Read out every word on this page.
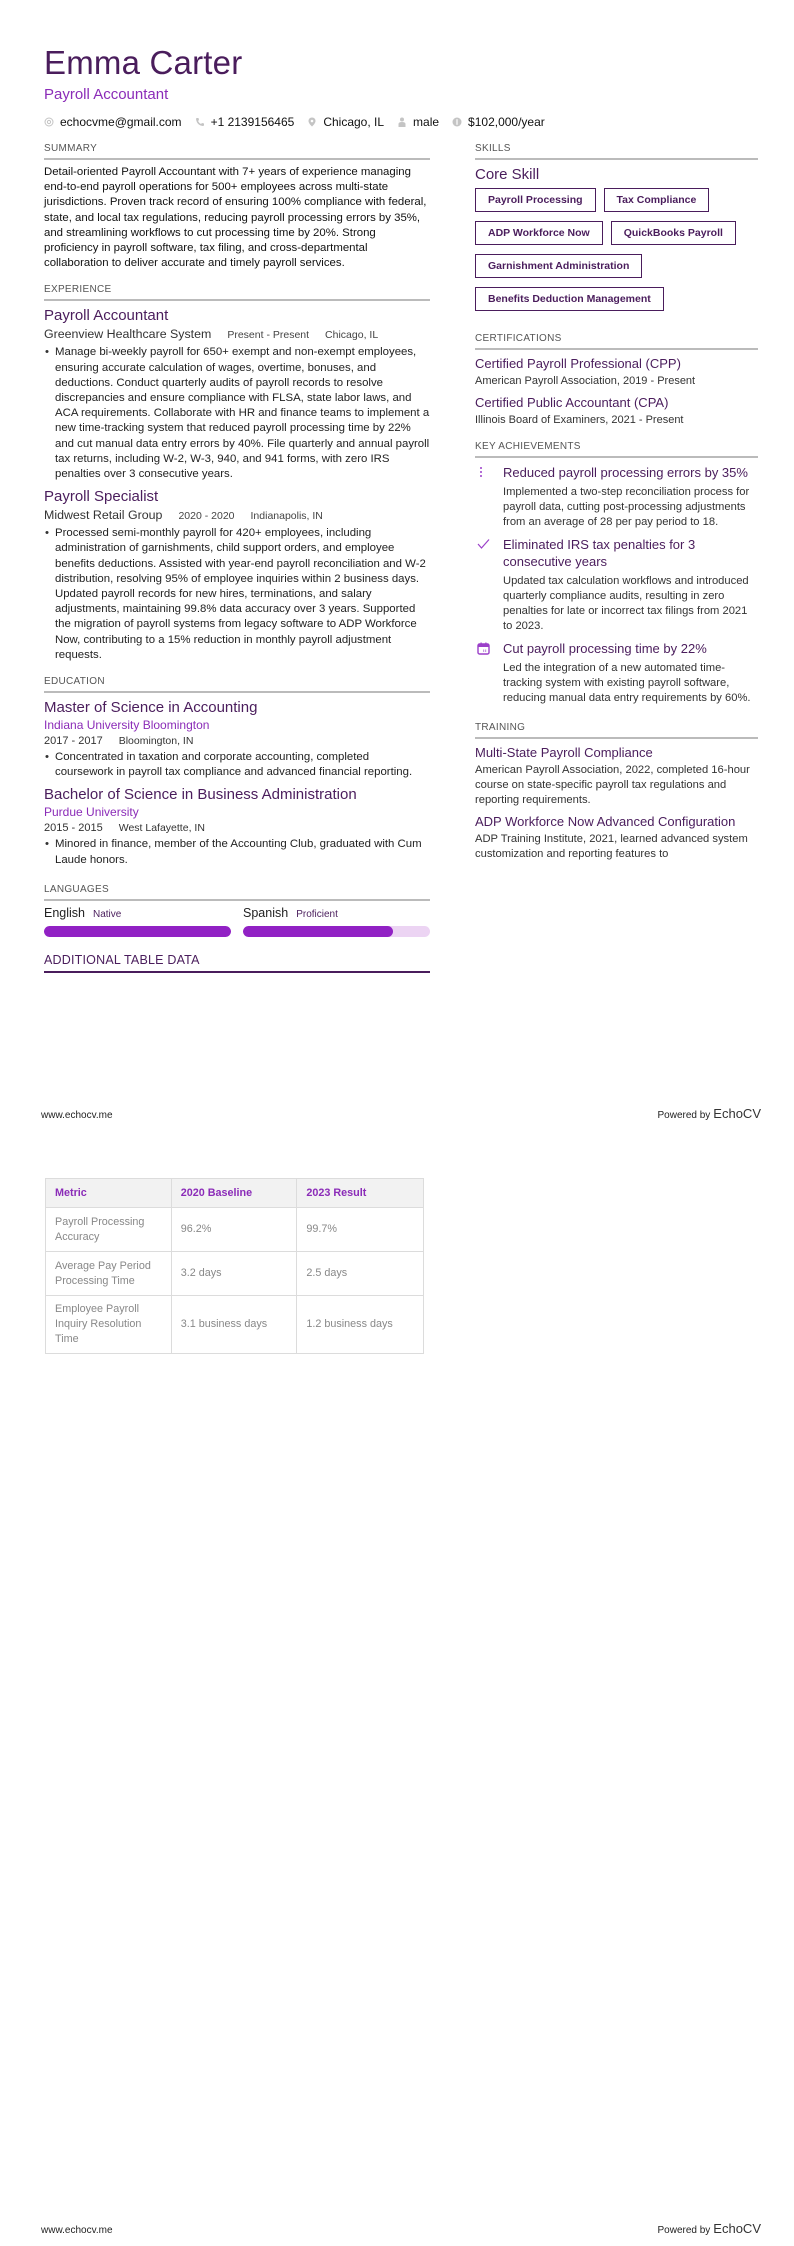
Emma Carter
Payroll Accountant
echocvme@gmail.com +1 2139156465 Chicago, IL male $102,000/year
SUMMARY
Detail-oriented Payroll Accountant with 7+ years of experience managing end-to-end payroll operations for 500+ employees across multi-state jurisdictions. Proven track record of ensuring 100% compliance with federal, state, and local tax regulations, reducing payroll processing errors by 35%, and streamlining workflows to cut processing time by 20%. Strong proficiency in payroll software, tax filing, and cross-departmental collaboration to deliver accurate and timely payroll services.
EXPERIENCE
Payroll Accountant
Greenview Healthcare System Present - Present Chicago, IL
• Manage bi-weekly payroll for 650+ exempt and non-exempt employees, ensuring accurate calculation of wages, overtime, bonuses, and deductions. Conduct quarterly audits of payroll records to resolve discrepancies and ensure compliance with FLSA, state labor laws, and ACA requirements. Collaborate with HR and finance teams to implement a new time-tracking system that reduced payroll processing time by 22% and cut manual data entry errors by 40%. File quarterly and annual payroll tax returns, including W-2, W-3, 940, and 941 forms, with zero IRS penalties over 3 consecutive years.
Payroll Specialist
Midwest Retail Group 2020 - 2020 Indianapolis, IN
• Processed semi-monthly payroll for 420+ employees, including administration of garnishments, child support orders, and employee benefits deductions. Assisted with year-end payroll reconciliation and W-2 distribution, resolving 95% of employee inquiries within 2 business days. Updated payroll records for new hires, terminations, and salary adjustments, maintaining 99.8% data accuracy over 3 years. Supported the migration of payroll systems from legacy software to ADP Workforce Now, contributing to a 15% reduction in monthly payroll adjustment requests.
EDUCATION
Master of Science in Accounting
Indiana University Bloomington
2017 - 2017 Bloomington, IN
• Concentrated in taxation and corporate accounting, completed coursework in payroll tax compliance and advanced financial reporting.
Bachelor of Science in Business Administration
Purdue University
2015 - 2015 West Lafayette, IN
• Minored in finance, member of the Accounting Club, graduated with Cum Laude honors.
LANGUAGES
English Native	Spanish Proficient
ADDITIONAL TABLE DATA
SKILLS
Core Skill
Payroll Processing	Tax Compliance
ADP Workforce Now	QuickBooks Payroll
Garnishment Administration
Benefits Deduction Management
CERTIFICATIONS
Certified Payroll Professional (CPP)
American Payroll Association, 2019 - Present
Certified Public Accountant (CPA)
Illinois Board of Examiners, 2021 - Present
KEY ACHIEVEMENTS
Reduced payroll processing errors by 35%
Implemented a two-step reconciliation process for payroll data, cutting post-processing adjustments from an average of 28 per pay period to 18.
Eliminated IRS tax penalties for 3 consecutive years
Updated tax calculation workflows and introduced quarterly compliance audits, resulting in zero penalties for late or incorrect tax filings from 2021 to 2023.
Cut payroll processing time by 22%
Led the integration of a new automated time-tracking system with existing payroll software, reducing manual data entry requirements by 60%.
TRAINING
Multi-State Payroll Compliance
American Payroll Association, 2022, completed 16-hour course on state-specific payroll tax regulations and reporting requirements.
ADP Workforce Now Advanced Configuration
ADP Training Institute, 2021, learned advanced system customization and reporting features to
www.echocv.me	Powered by EchoCV
Metric	2020 Baseline	2023 Result
Payroll Processing Accuracy	96.2%	99.7%
Average Pay Period Processing Time	3.2 days	2.5 days
Employee Payroll Inquiry Resolution Time	3.1 business days	1.2 business days
www.echocv.me	Powered by EchoCV
